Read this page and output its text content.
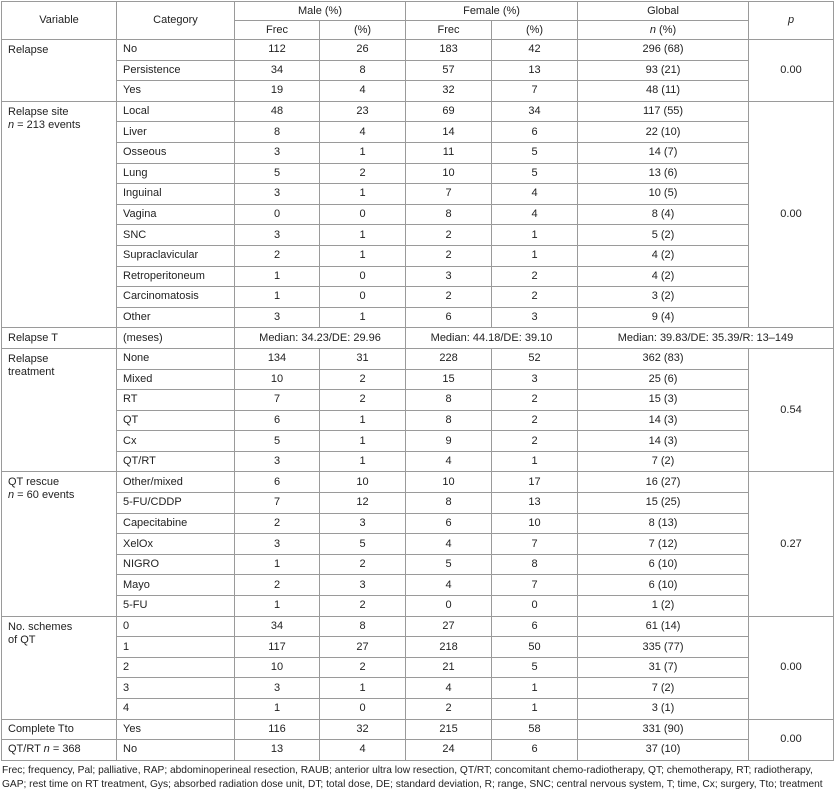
Variable	Category	Male (%)		Female (%)		Global	p
		Frec	(%)	Frec	(%)	n (%)	
Relapse	No	112	26	183	42	296 (68)	0.00
	Persistence	34	8	57	13	93 (21)	
	Yes	19	4	32	7	48 (11)	
Relapse site
n = 213 events	Local	48	23	69	34	117 (55)	0.00
	Liver	8	4	14	6	22 (10)	
	Osseous	3	1	11	5	14 (7)	
	Lung	5	2	10	5	13 (6)	
	Inguinal	3	1	7	4	10 (5)	
	Vagina	0	0	8	4	8 (4)	
	SNC	3	1	2	1	5 (2)	
	Supraclavicular	2	1	2	1	4 (2)	
	Retroperitoneum	1	0	3	2	4 (2)	
	Carcinomatosis	1	0	2	2	3 (2)	
	Other	3	1	6	3	9 (4)	
Relapse T	(meses)	Median: 34.23/DE: 29.96		Median: 44.18/DE: 39.10		Median: 39.83/DE: 35.39/R: 13–149	
Relapse
treatment	None	134	31	228	52	362 (83)	0.54
	Mixed	10	2	15	3	25 (6)	
	RT	7	2	8	2	15 (3)	
	QT	6	1	8	2	14 (3)	
	Cx	5	1	9	2	14 (3)	
	QT/RT	3	1	4	1	7 (2)	
QT rescue
n = 60 events	Other/mixed	6	10	10	17	16 (27)	0.27
	5-FU/CDDP	7	12	8	13	15 (25)	
	Capecitabine	2	3	6	10	8 (13)	
	XelOx	3	5	4	7	7 (12)	
	NIGRO	1	2	5	8	6 (10)	
	Mayo	2	3	4	7	6 (10)	
	5-FU	1	2	0	0	1 (2)	
No. schemes
of QT	0	34	8	27	6	61 (14)	0.00
	1	117	27	218	50	335 (77)	
	2	10	2	21	5	31 (7)	
	3	3	1	4	1	7 (2)	
	4	1	0	2	1	3 (1)	
Complete Tto	Yes	116	32	215	58	331 (90)	0.00
QT/RT n = 368	No	13	4	24	6	37 (10)	
Frec; frequency, Pal; palliative, RAP; abdominoperineal resection, RAUB; anterior ultra low resection, QT/RT; concomitant chemo-radiotherapy, QT; chemotherapy, RT; radiotherapy, GAP; rest time on RT treatment, Gys; absorbed radiation dose unit, DT; total dose, DE; standard deviation, R; range, SNC; central nervous system, T; time, Cx; surgery, Tto; treatment
